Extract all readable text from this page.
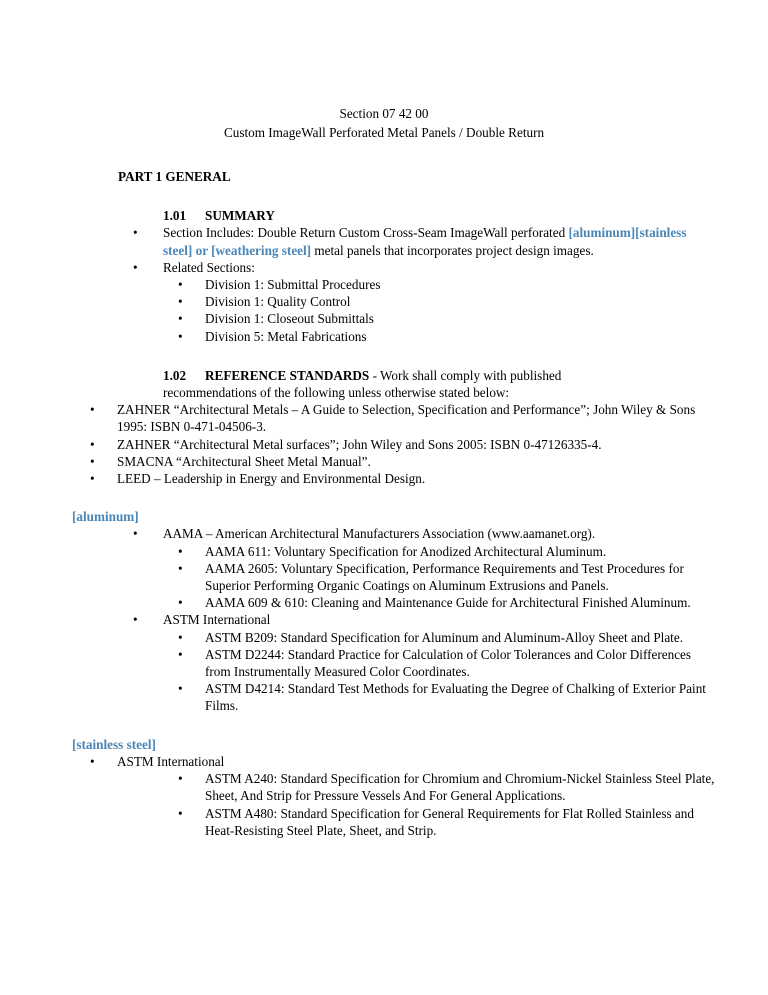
Section 07 42 00
Custom ImageWall Perforated Metal Panels / Double Return
PART 1 GENERAL
1.01 SUMMARY
• Section Includes: Double Return Custom Cross-Seam ImageWall perforated [aluminum][stainless steel] or [weathering steel] metal panels that incorporates project design images.
• Related Sections:
• Division 1: Submittal Procedures
• Division 1: Quality Control
• Division 1: Closeout Submittals
• Division 5: Metal Fabrications
1.02 REFERENCE STANDARDS - Work shall comply with published
recommendations of the following unless otherwise stated below:
• ZAHNER “Architectural Metals – A Guide to Selection, Specification and Performance”; John Wiley & Sons 1995: ISBN 0-471-04506-3.
• ZAHNER “Architectural Metal surfaces”; John Wiley and Sons 2005: ISBN 0-47126335-4.
• SMACNA “Architectural Sheet Metal Manual”.
• LEED – Leadership in Energy and Environmental Design.
[aluminum]
• AAMA – American Architectural Manufacturers Association (www.aamanet.org).
• AAMA 611: Voluntary Specification for Anodized Architectural Aluminum.
• AAMA 2605: Voluntary Specification, Performance Requirements and Test Procedures for Superior Performing Organic Coatings on Aluminum Extrusions and Panels.
• AAMA 609 & 610: Cleaning and Maintenance Guide for Architectural Finished Aluminum.
• ASTM International
• ASTM B209: Standard Specification for Aluminum and Aluminum-Alloy Sheet and Plate.
• ASTM D2244: Standard Practice for Calculation of Color Tolerances and Color Differences from Instrumentally Measured Color Coordinates.
• ASTM D4214: Standard Test Methods for Evaluating the Degree of Chalking of Exterior Paint Films.
[stainless steel]
• ASTM International
• ASTM A240: Standard Specification for Chromium and Chromium-Nickel Stainless Steel Plate, Sheet, And Strip for Pressure Vessels And For General Applications.
• ASTM A480: Standard Specification for General Requirements for Flat Rolled Stainless and Heat-Resisting Steel Plate, Sheet, and Strip.
